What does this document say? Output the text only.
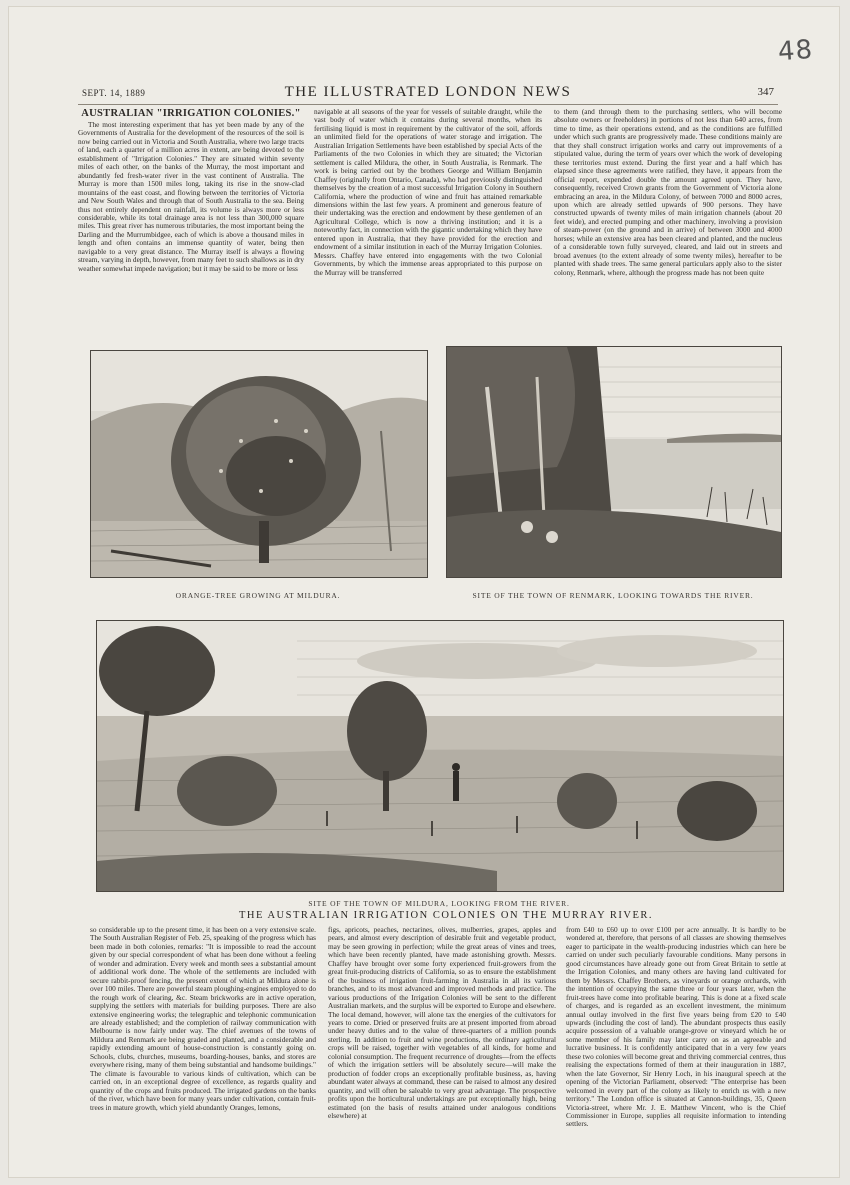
48
SEPT. 14, 1889	THE ILLUSTRATED LONDON NEWS	347

AUSTRALIAN "IRRIGATION COLONIES."

The most interesting experiment that has yet been made by any of the Governments of Australia for the development of the resources of the soil is now being carried out in Victoria and South Australia, where two large tracts of land, each a quarter of a million acres in extent, are being devoted to the establishment of "Irrigation Colonies." They are situated within seventy miles of each other, on the banks of the Murray, the most important and abundantly fed fresh-water river in the vast continent of Australia. The Murray is more than 1500 miles long, taking its rise in the snow-clad mountains of the east coast, and flowing between the territories of Victoria and New South Wales and through that of South Australia to the sea. Being thus not entirely dependent on rainfall, its volume is always more or less considerable, while its total drainage area is not less than 300,000 square miles. This great river has numerous tributaries, the most important being the Darling and the Murrumbidgee, each of which is above a thousand miles in length and often contains an immense quantity of water, being then navigable to a very great distance. The Murray itself is always a flowing stream, varying in depth, however, from many feet to such shallows as in dry weather somewhat impede navigation; but it may be said to be more or less

navigable at all seasons of the year for vessels of suitable draught, while the vast body of water which it contains during several months, when its fertilising liquid is most in requirement by the cultivator of the soil, affords an unlimited field for the operations of water storage and irrigation. The Australian Irrigation Settlements have been established by special Acts of the Parliaments of the two Colonies in which they are situated; the Victorian settlement is called Mildura, the other, in South Australia, is Renmark. The work is being carried out by the brothers George and William Benjamin Chaffey (originally from Ontario, Canada), who had previously distinguished themselves by the creation of a most successful Irrigation Colony in Southern California, where the production of wine and fruit has attained remarkable dimensions within the last few years. A prominent and generous feature of their undertaking was the erection and endowment by these gentlemen of an Agricultural College, which is now a thriving institution; and it is a noteworthy fact, in connection with the gigantic undertaking which they have entered upon in Australia, that they have provided for the erection and endowment of a similar institution in each of the Murray Irrigation Colonies. Messrs. Chaffey have entered into engagements with the two Colonial Governments, by which the immense areas appropriated to this purpose on the Murray will be transferred

to them (and through them to the purchasing settlers, who will become absolute owners or freeholders) in portions of not less than 640 acres, from time to time, as their operations extend, and as the conditions are fulfilled under which such grants are progressively made. These conditions mainly are that they shall construct irrigation works and carry out improvements of a stipulated value, during the term of years over which the work of developing these territories must extend. During the first year and a half which has elapsed since these agreements were ratified, they have, it appears from the official report, expended double the amount agreed upon. They have, consequently, received Crown grants from the Government of Victoria alone embracing an area, in the Mildura Colony, of between 7000 and 8000 acres, upon which are already settled upwards of 900 persons. They have constructed upwards of twenty miles of main irrigation channels (about 20 feet wide), and erected pumping and other machinery, involving a provision of steam-power (on the ground and in arrive) of between 3000 and 4000 horses; while an extensive area has been cleared and planted, and the nucleus of a considerable town fully surveyed, cleared, and laid out in streets and broad avenues (to the extent already of some twenty miles), hereafter to be planted with shade trees. The same general particulars apply also to the sister colony, Renmark, where, although the progress made has not been quite

ORANGE-TREE GROWING AT MILDURA.	SITE OF THE TOWN OF RENMARK, LOOKING TOWARDS THE RIVER.
SITE OF THE TOWN OF MILDURA, LOOKING FROM THE RIVER.
THE AUSTRALIAN IRRIGATION COLONIES ON THE MURRAY RIVER.

so considerable up to the present time, it has been on a very extensive scale. The South Australian Register of Feb. 25, speaking of the progress which has been made in both colonies, remarks: "It is impossible to read the account given by our special correspondent of what has been done without a feeling of wonder and admiration. Every week and month sees a substantial amount of additional work done. The whole of the settlements are included with secure rabbit-proof fencing, the present extent of which at Mildura alone is over 100 miles. There are powerful steam ploughing-engines employed to do the rough work of clearing, &c. Steam brickworks are in active operation, supplying the settlers with materials for building purposes. There are also extensive engineering works; the telegraphic and telephonic communication are already established; and the completion of railway communication with Melbourne is now fairly under way. The chief avenues of the towns of Mildura and Renmark are being graded and planted, and a considerable and rapidly extending amount of house-construction is constantly going on. Schools, clubs, churches, museums, boarding-houses, banks, and stores are everywhere rising, many of them being substantial and handsome buildings." The climate is favourable to various kinds of cultivation, which can be carried on, in an exceptional degree of excellence, as regards quality and quantity of the crops and fruits produced. The irrigated gardens on the banks of the river, which have been for many years under cultivation, contain fruit-trees in mature growth, which yield abundantly Oranges, lemons,

figs, apricots, peaches, nectarines, olives, mulberries, grapes, apples and pears, and almost every description of desirable fruit and vegetable product, may be seen growing in perfection; while the great areas of vines and trees, which have been recently planted, have made astonishing growth. Messrs. Chaffey have brought over some forty experienced fruit-growers from the great fruit-producing districts of California, so as to ensure the establishment of the business of irrigation fruit-farming in Australia in all its various branches, and to its most advanced and improved methods and practice. The various productions of the Irrigation Colonies will be sent to the different Australian markets, and the surplus will be exported to Europe and elsewhere. The local demand, however, will alone tax the energies of the cultivators for years to come. Dried or preserved fruits are at present imported from abroad under heavy duties and to the value of three-quarters of a million pounds sterling. In addition to fruit and wine productions, the ordinary agricultural crops will be raised, together with vegetables of all kinds, for home and colonial consumption. The frequent recurrence of droughts—from the effects of which the irrigation settlers will be absolutely secure—will make the production of fodder crops an exceptionally profitable business, as, having abundant water always at command, these can be raised to almost any desired quantity, and will often be saleable to very great advantage. The prospective profits upon the horticultural undertakings are put exceptionally high, being estimated (on the basis of results attained under analogous conditions elsewhere) at

from £40 to £60 up to over £100 per acre annually. It is hardly to be wondered at, therefore, that persons of all classes are showing themselves eager to participate in the wealth-producing industries which can here be carried on under such peculiarly favourable conditions. Many persons in good circumstances have already gone out from Great Britain to settle at the Irrigation Colonies, and many others are having land cultivated for them by Messrs. Chaffey Brothers, as vineyards or orange orchards, with the intention of occupying the same three or four years later, when the fruit-trees have come into profitable bearing. This is done at a fixed scale of charges, and is regarded as an excellent investment, the minimum annual outlay involved in the first five years being from £20 to £40 upwards (including the cost of land). The abundant prospects thus easily acquire possession of a valuable orange-grove or vineyard which he or some member of his family may later carry on as an agreeable and lucrative business. It is confidently anticipated that in a very few years these two colonies will become great and thriving commercial centres, thus realising the expectations formed of them at their inauguration in 1887, when the late Governor, Sir Henry Loch, in his inaugural speech at the opening of the Victorian Parliament, observed: "The enterprise has been welcomed in every part of the colony as likely to enrich us with a new territory." The London office is situated at Cannon-buildings, 35, Queen Victoria-street, where Mr. J. E. Matthew Vincent, who is the Chief Commissioner in Europe, supplies all requisite information to intending settlers.
